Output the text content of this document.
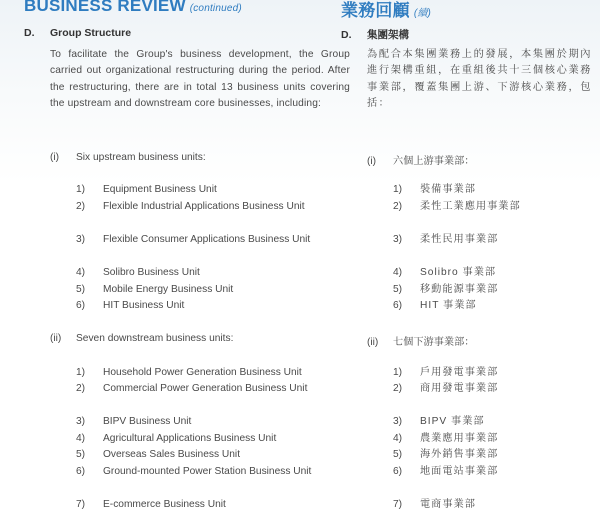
BUSINESS REVIEW (continued)
D. Group Structure
To facilitate the Group's business development, the Group carried out organizational restructuring during the period. After the restructuring, there are in total 13 business units covering the upstream and downstream core businesses, including:
(i) Six upstream business units:
1) Equipment Business Unit
2) Flexible Industrial Applications Business Unit
3) Flexible Consumer Applications Business Unit
4) Solibro Business Unit
5) Mobile Energy Business Unit
6) HIT Business Unit
(ii) Seven downstream business units:
1) Household Power Generation Business Unit
2) Commercial Power Generation Business Unit
3) BIPV Business Unit
4) Agricultural Applications Business Unit
5) Overseas Sales Business Unit
6) Ground-mounted Power Station Business Unit
7) E-commerce Business Unit
業務回顧 (續)
D. 集團架構
為配合本集團業務上的發展，本集團於期內進行架構重組，在重組後共十三個核心業務事業部，覆蓋集團上游、下游核心業務，包括：
(i) 六個上游事業部：
1) 裝備事業部
2) 柔性工業應用事業部
3) 柔性民用事業部
4) Solibro 事業部
5) 移動能源事業部
6) HIT 事業部
(ii) 七個下游事業部：
1) 戶用發電事業部
2) 商用發電事業部
3) BIPV 事業部
4) 農業應用事業部
5) 海外銷售事業部
6) 地面電站事業部
7) 電商事業部
